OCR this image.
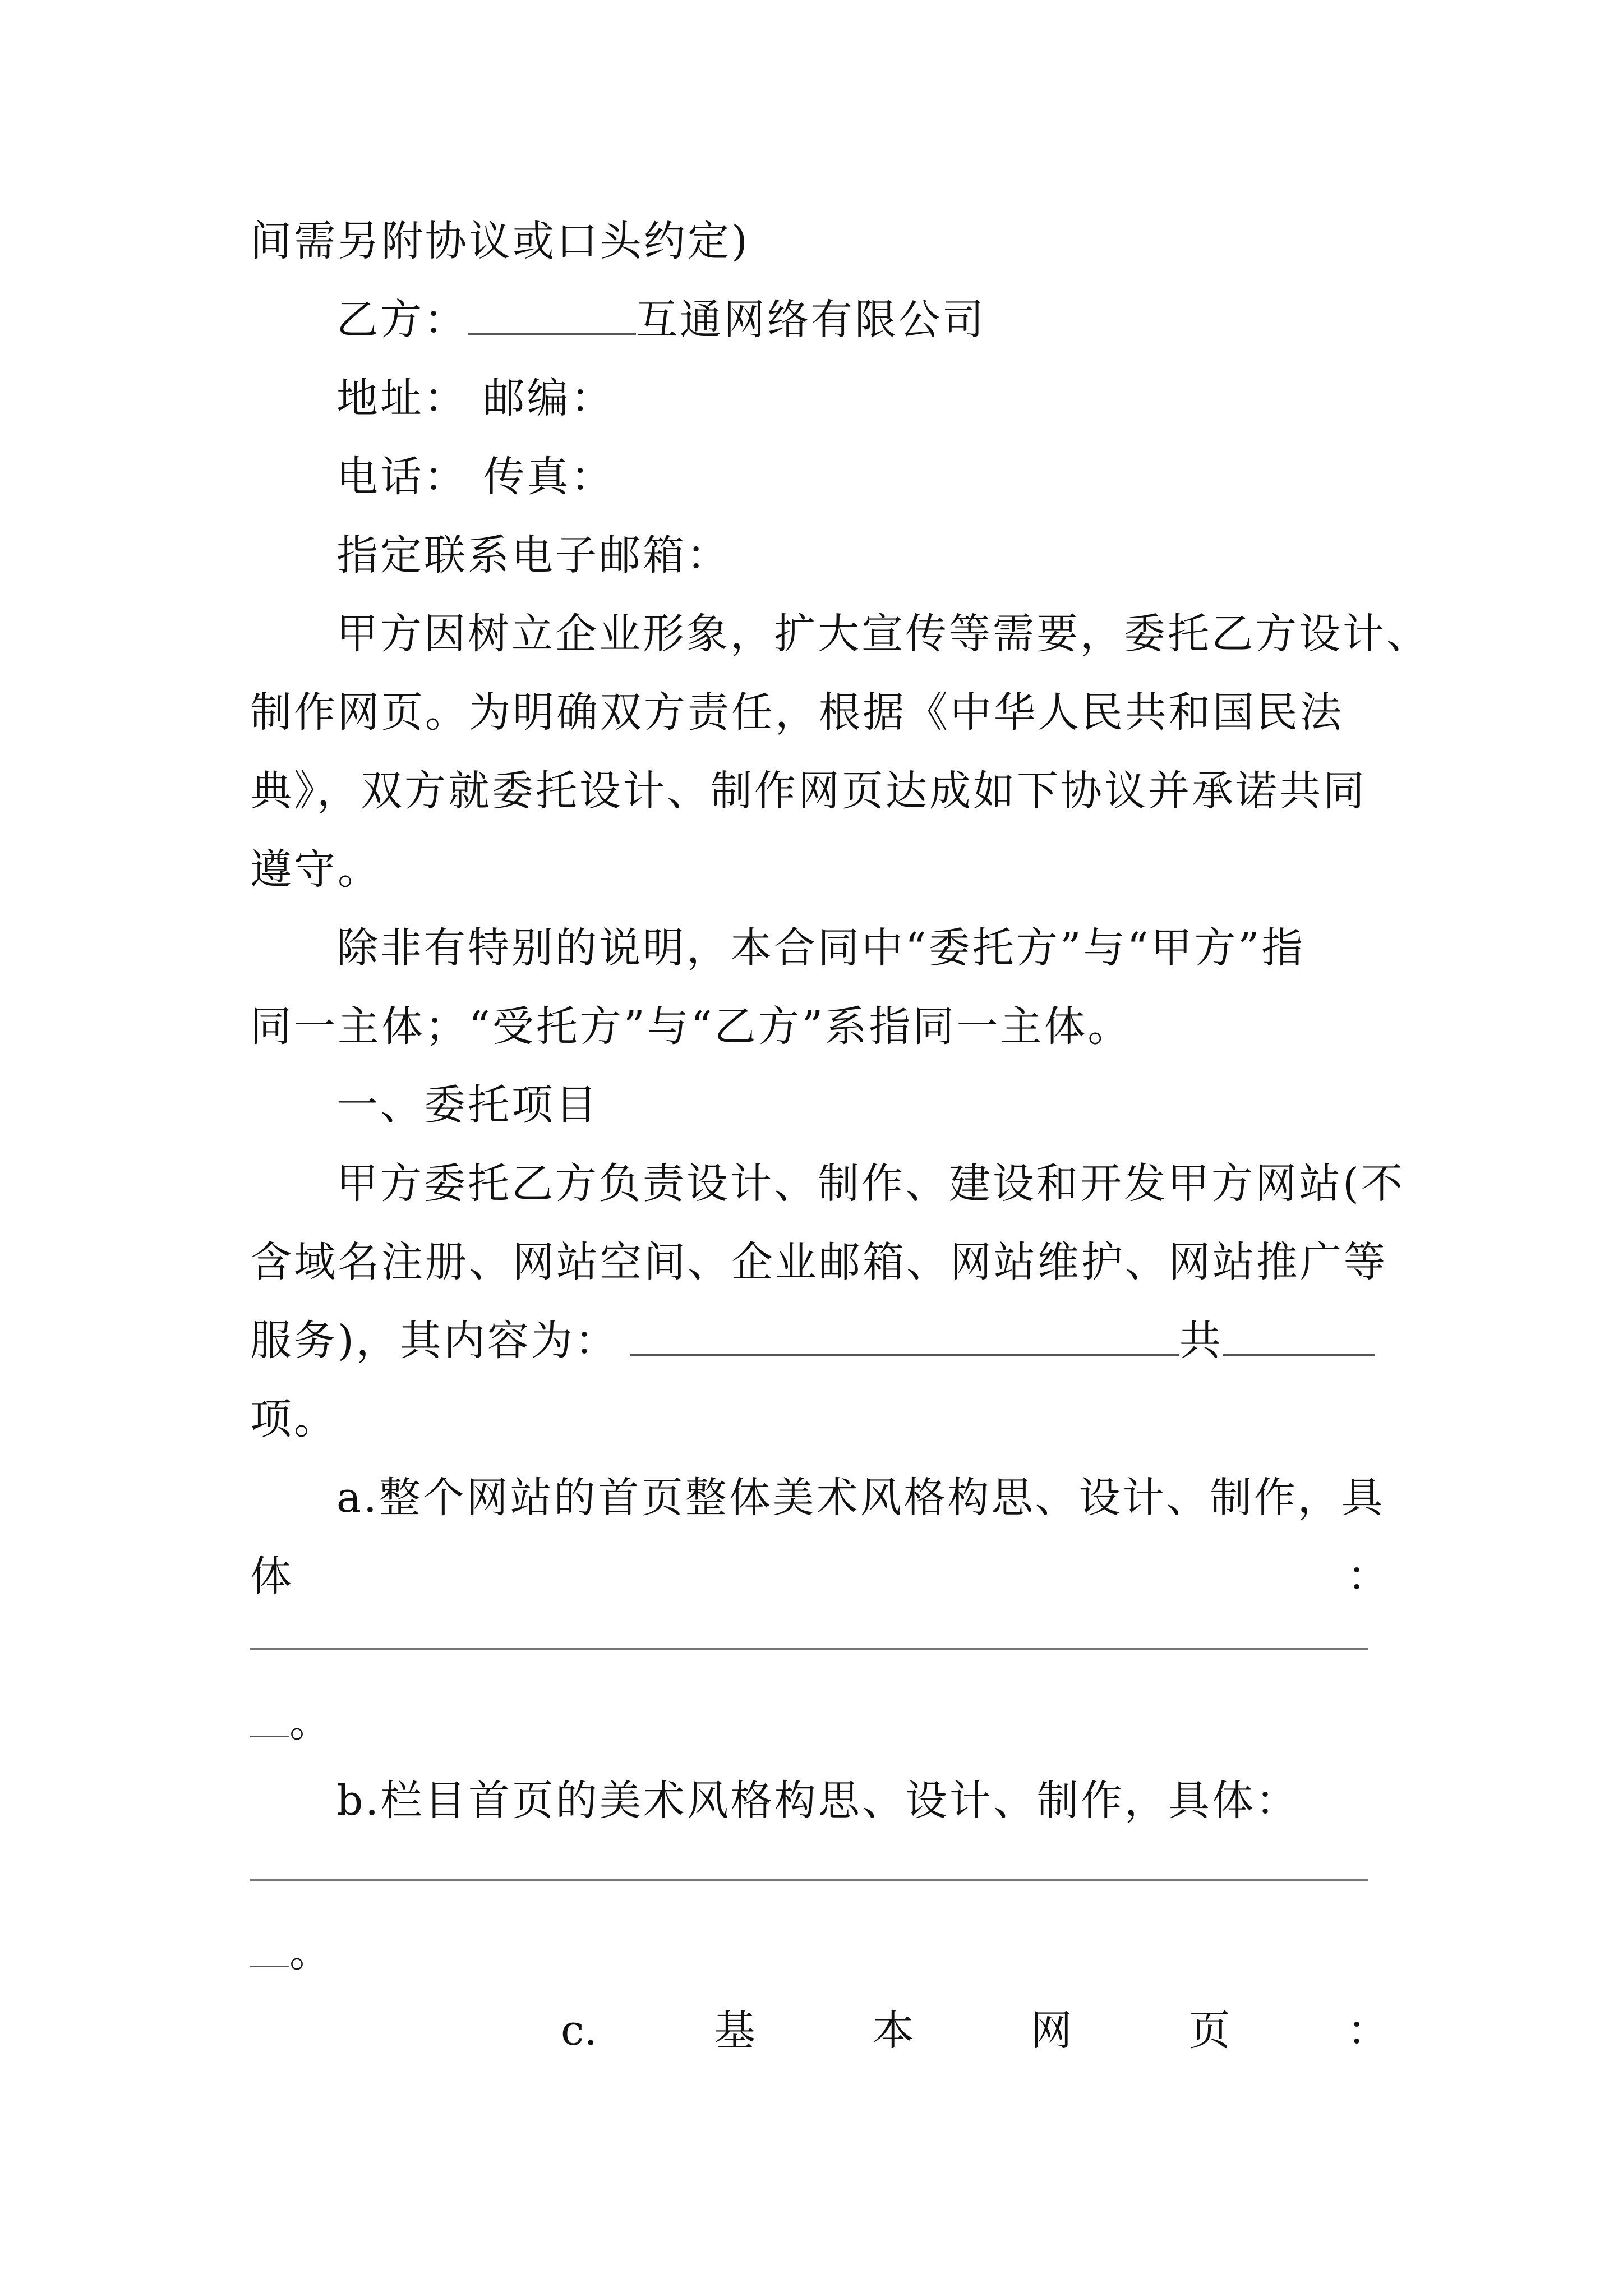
间需另附协议或口头约定)
乙方：	互通网络有限公司
地址： 邮编：
电话： 传真：
指定联系电子邮箱：
甲方因树立企业形象，扩大宣传等需要，委托乙方设计、
制作网页。为明确双方责任，根据《中华人民共和国民法
典》，双方就委托设计、制作网页达成如下协议并承诺共同
遵守。
除非有特别的说明，本合同中“委托方”与“甲方”指
同一主体；“受托方”与“乙方”系指同一主体。
一、委托项目
甲方委托乙方负责设计、制作、建设和开发甲方网站(不
含域名注册、网站空间、企业邮箱、网站维护、网站推广等
服务)，其内容为：	共
项。
a.整个网站的首页整体美术风格构思、设计、制作，具
体	：
。
b.栏目首页的美术风格构思、设计、制作，具体：
。
c.	基	本	网	页	：
